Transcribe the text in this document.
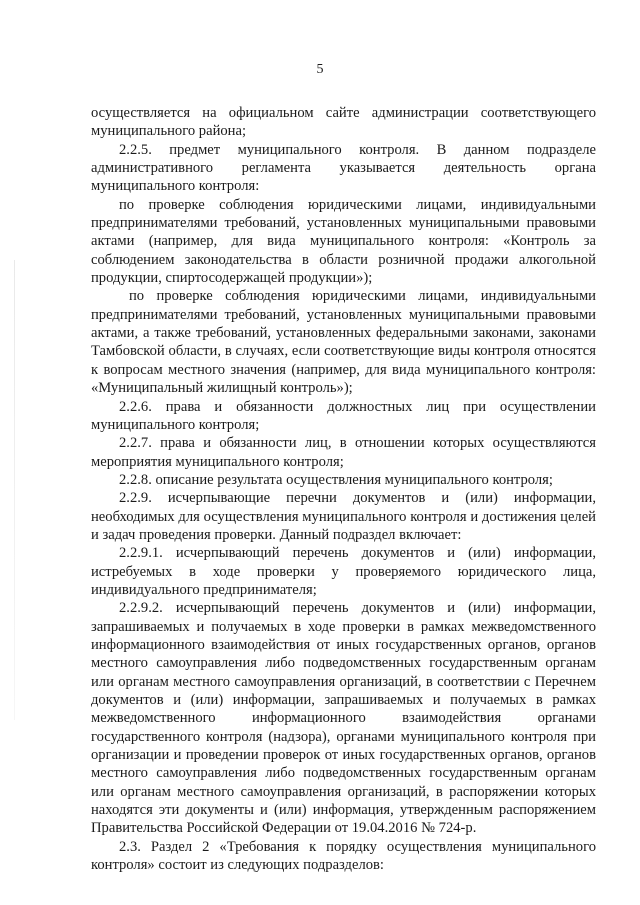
5

осуществляется на официальном сайте администрации соответствующего муниципального района;

2.2.5. предмет муниципального контроля. В данном подразделе административного регламента указывается деятельность органа муниципального контроля:

по проверке соблюдения юридическими лицами, индивидуальными предпринимателями требований, установленных муниципальными правовыми актами (например, для вида муниципального контроля: «Контроль за соблюдением законодательства в области розничной продажи алкогольной продукции, спиртосодержащей продукции»);

по проверке соблюдения юридическими лицами, индивидуальными предпринимателями требований, установленных муниципальными правовыми актами, а также требований, установленных федеральными законами, законами Тамбовской области, в случаях, если соответствующие виды контроля относятся к вопросам местного значения (например, для вида муниципального контроля: «Муниципальный жилищный контроль»);

2.2.6. права и обязанности должностных лиц при осуществлении муниципального контроля;

2.2.7. права и обязанности лиц, в отношении которых осуществляются мероприятия муниципального контроля;

2.2.8. описание результата осуществления муниципального контроля;

2.2.9. исчерпывающие перечни документов и (или) информации, необходимых для осуществления муниципального контроля и достижения целей и задач проведения проверки. Данный подраздел включает:

2.2.9.1. исчерпывающий перечень документов и (или) информации, истребуемых в ходе проверки у проверяемого юридического лица, индивидуального предпринимателя;

2.2.9.2. исчерпывающий перечень документов и (или) информации, запрашиваемых и получаемых в ходе проверки в рамках межведомственного информационного взаимодействия от иных государственных органов, органов местного самоуправления либо подведомственных государственным органам или органам местного самоуправления организаций, в соответствии с Перечнем документов и (или) информации, запрашиваемых и получаемых в рамках межведомственного информационного взаимодействия органами государственного контроля (надзора), органами муниципального контроля при организации и проведении проверок от иных государственных органов, органов местного самоуправления либо подведомственных государственным органам или органам местного самоуправления организаций, в распоряжении которых находятся эти документы и (или) информация, утвержденным распоряжением Правительства Российской Федерации от 19.04.2016 № 724-р.

2.3. Раздел 2 «Требования к порядку осуществления муниципального контроля» состоит из следующих подразделов:
